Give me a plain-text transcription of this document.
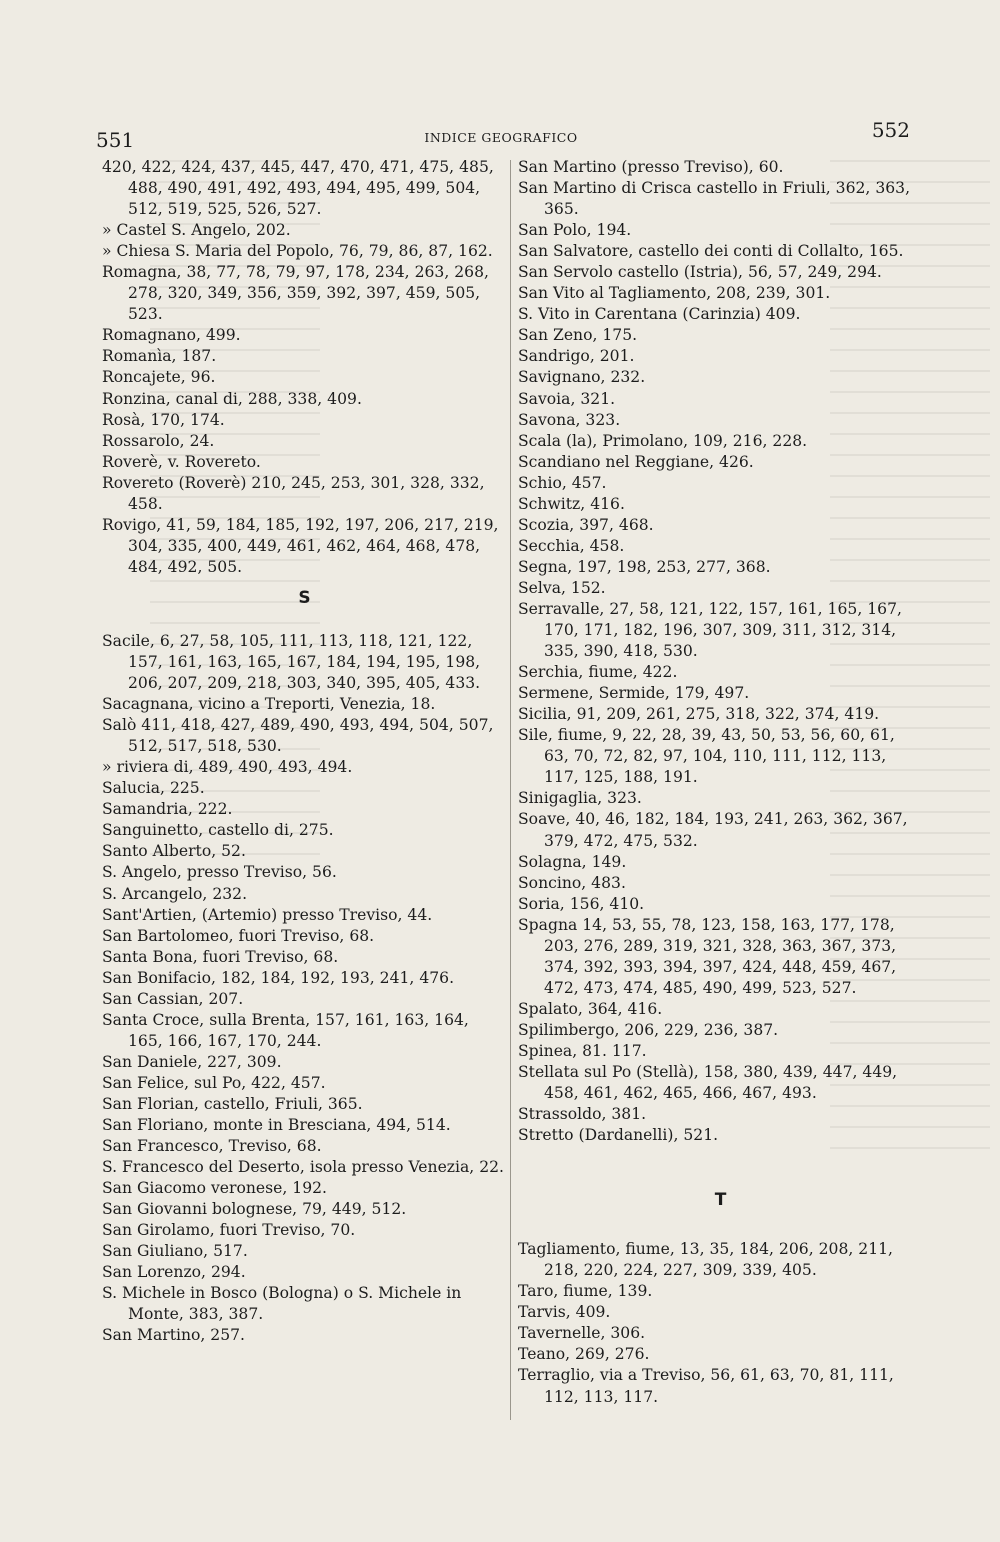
551	INDICE GEOGRAFICO	552
420, 422, 424, 437, 445, 447, 470, 471, 475, 485, 488, 490, 491, 492, 493, 494, 495, 499, 504, 512, 519, 525, 526, 527.
» Castel S. Angelo, 202.
» Chiesa S. Maria del Popolo, 76, 79, 86, 87, 162.
Romagna, 38, 77, 78, 79, 97, 178, 234, 263, 268, 278, 320, 349, 356, 359, 392, 397, 459, 505, 523.
Romagnano, 499.
Romanìa, 187.
Roncajete, 96.
Ronzina, canal di, 288, 338, 409.
Rosà, 170, 174.
Rossarolo, 24.
Roverè, v. Rovereto.
Rovereto (Roverè) 210, 245, 253, 301, 328, 332, 458.
Rovigo, 41, 59, 184, 185, 192, 197, 206, 217, 219, 304, 335, 400, 449, 461, 462, 464, 468, 478, 484, 492, 505.
S
Sacile, 6, 27, 58, 105, 111, 113, 118, 121, 122, 157, 161, 163, 165, 167, 184, 194, 195, 198, 206, 207, 209, 218, 303, 340, 395, 405, 433.
Sacagnana, vicino a Treporti, Venezia, 18.
Salò 411, 418, 427, 489, 490, 493, 494, 504, 507, 512, 517, 518, 530.
» riviera di, 489, 490, 493, 494.
Salucia, 225.
Samandria, 222.
Sanguinetto, castello di, 275.
Santo Alberto, 52.
S. Angelo, presso Treviso, 56.
S. Arcangelo, 232.
Sant'Artien, (Artemio) presso Treviso, 44.
San Bartolomeo, fuori Treviso, 68.
Santa Bona, fuori Treviso, 68.
San Bonifacio, 182, 184, 192, 193, 241, 476.
San Cassian, 207.
Santa Croce, sulla Brenta, 157, 161, 163, 164, 165, 166, 167, 170, 244.
San Daniele, 227, 309.
San Felice, sul Po, 422, 457.
San Florian, castello, Friuli, 365.
San Floriano, monte in Bresciana, 494, 514.
San Francesco, Treviso, 68.
S. Francesco del Deserto, isola presso Venezia, 22.
San Giacomo veronese, 192.
San Giovanni bolognese, 79, 449, 512.
San Girolamo, fuori Treviso, 70.
San Giuliano, 517.
San Lorenzo, 294.
S. Michele in Bosco (Bologna) o S. Michele in Monte, 383, 387.
San Martino, 257.
San Martino (presso Treviso), 60.
San Martino di Crisca castello in Friuli, 362, 363, 365.
San Polo, 194.
San Salvatore, castello dei conti di Collalto, 165.
San Servolo castello (Istria), 56, 57, 249, 294.
San Vito al Tagliamento, 208, 239, 301.
S. Vito in Carentana (Carinzia) 409.
San Zeno, 175.
Sandrigo, 201.
Savignano, 232.
Savoia, 321.
Savona, 323.
Scala (la), Primolano, 109, 216, 228.
Scandiano nel Reggiane, 426.
Schio, 457.
Schwitz, 416.
Scozia, 397, 468.
Secchia, 458.
Segna, 197, 198, 253, 277, 368.
Selva, 152.
Serravalle, 27, 58, 121, 122, 157, 161, 165, 167, 170, 171, 182, 196, 307, 309, 311, 312, 314, 335, 390, 418, 530.
Serchia, fiume, 422.
Sermene, Sermide, 179, 497.
Sicilia, 91, 209, 261, 275, 318, 322, 374, 419.
Sile, fiume, 9, 22, 28, 39, 43, 50, 53, 56, 60, 61, 63, 70, 72, 82, 97, 104, 110, 111, 112, 113, 117, 125, 188, 191.
Sinigaglia, 323.
Soave, 40, 46, 182, 184, 193, 241, 263, 362, 367, 379, 472, 475, 532.
Solagna, 149.
Soncino, 483.
Soria, 156, 410.
Spagna 14, 53, 55, 78, 123, 158, 163, 177, 178, 203, 276, 289, 319, 321, 328, 363, 367, 373, 374, 392, 393, 394, 397, 424, 448, 459, 467, 472, 473, 474, 485, 490, 499, 523, 527.
Spalato, 364, 416.
Spilimbergo, 206, 229, 236, 387.
Spinea, 81. 117.
Stellata sul Po (Stellà), 158, 380, 439, 447, 449, 458, 461, 462, 465, 466, 467, 493.
Strassoldo, 381.
Stretto (Dardanelli), 521.
T
Tagliamento, fiume, 13, 35, 184, 206, 208, 211, 218, 220, 224, 227, 309, 339, 405.
Taro, fiume, 139.
Tarvis, 409.
Tavernelle, 306.
Teano, 269, 276.
Terraglio, via a Treviso, 56, 61, 63, 70, 81, 111, 112, 113, 117.
